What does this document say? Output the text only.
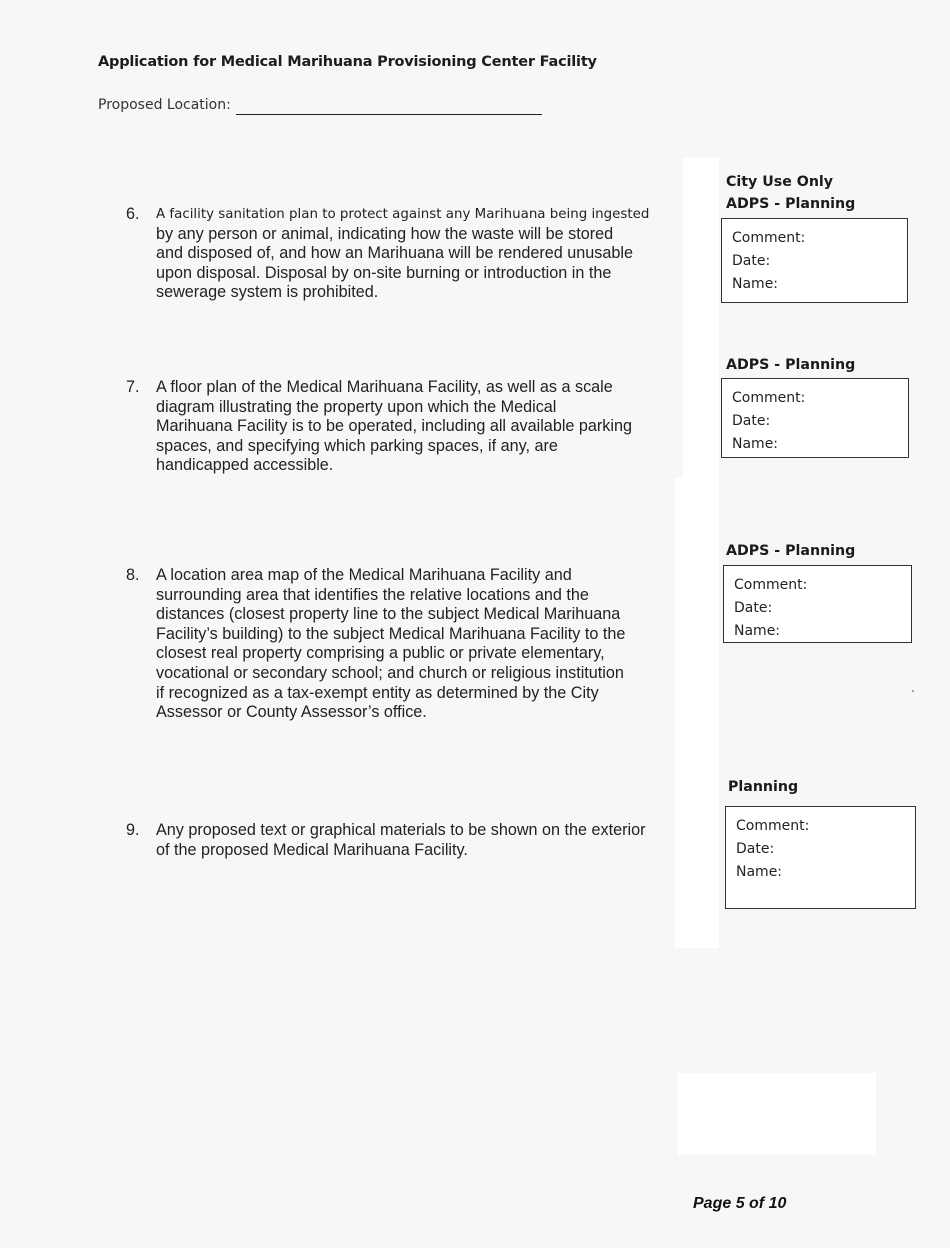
Application for Medical Marihuana Provisioning Center Facility
Proposed Location:
6. A facility sanitation plan to protect against any Marihuana being ingested
by any person or animal, indicating how the waste will be stored
and disposed of, and how an Marihuana will be rendered unusable
upon disposal. Disposal by on-site burning or introduction in the
sewerage system is prohibited.
7. A floor plan of the Medical Marihuana Facility, as well as a scale
diagram illustrating the property upon which the Medical
Marihuana Facility is to be operated, including all available parking
spaces, and specifying which parking spaces, if any, are
handicapped accessible.
8. A location area map of the Medical Marihuana Facility and
surrounding area that identifies the relative locations and the
distances (closest property line to the subject Medical Marihuana
Facility’s building) to the subject Medical Marihuana Facility to the
closest real property comprising a public or private elementary,
vocational or secondary school; and church or religious institution
if recognized as a tax-exempt entity as determined by the City
Assessor or County Assessor’s office.
9. Any proposed text or graphical materials to be shown on the exterior
of the proposed Medical Marihuana Facility.
City Use Only
ADPS - Planning
Comment:
Date:
Name:
ADPS - Planning
Comment:
Date:
Name:
ADPS - Planning
Comment:
Date:
Name:
Planning
Comment:
Date:
Name:
Page 5 of 10
